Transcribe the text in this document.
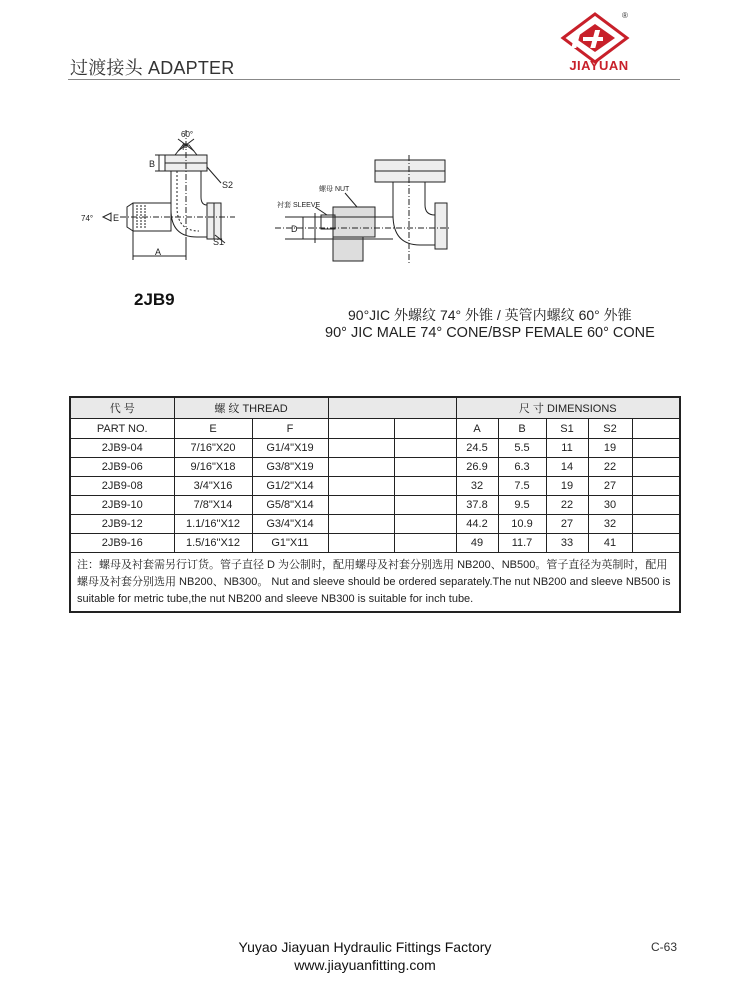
过渡接头 ADAPTER
®
JIAYUAN
60°
F
B
S2
E
74°
S1
A
螺母 NUT
衬套 SLEEVE
D
2JB9
90°JIC 外螺纹 74° 外锥 / 英管内螺纹 60° 外锥
90° JIC MALE 74° CONE/BSP FEMALE 60° CONE
代 号	螺 纹 THREAD				尺 寸 DIMENSIONS				
PART NO.	E	F			A	B	S1	S2	
2JB9-04	7/16"X20	G1/4"X19			24.5	5.5	11	19	
2JB9-06	9/16"X18	G3/8"X19			26.9	6.3	14	22	
2JB9-08	3/4"X16	G1/2"X14			32	7.5	19	27	
2JB9-10	7/8"X14	G5/8"X14			37.8	9.5	22	30	
2JB9-12	1.1/16"X12	G3/4"X14			44.2	10.9	27	32	
2JB9-16	1.5/16"X12	G1"X11			49	11.7	33	41	
注：螺母及衬套需另行订货。管子直径 D 为公制时，配用螺母及衬套分别选用 NB200、NB500。管子直径为英制时，配用螺母及衬套分别选用 NB200、NB300。 Nut and sleeve should be ordered separately.The nut NB200 and sleeve NB500 is suitable for metric tube,the nut NB200 and sleeve NB300 is suitable for inch tube.									
Yuyao Jiayuan Hydraulic Fittings Factory
www.jiayuanfitting.com
C-63
